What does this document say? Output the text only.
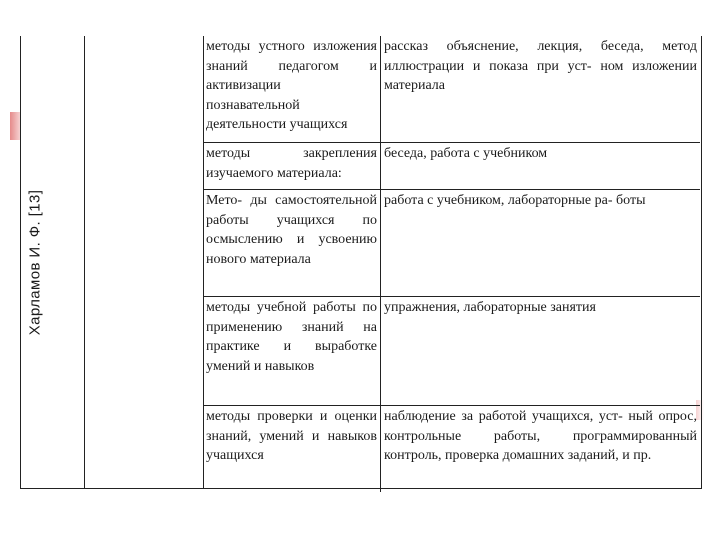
Харламов И. Ф. [13]
методы устного изложения знаний педагогом и активизации познавательной деятельности учащихся
рассказ объяснение, лекция, беседа, метод иллюстрации и показа при уст- ном изложении материала
методы закрепления изучаемого материала:
беседа, работа с учебником
Мето- ды самостоятельной работы учащихся по осмыслению и усвоению нового материала
работа с учебником, лабораторные ра- боты
методы учебной работы по применению знаний на практике и выработке умений и навыков
упражнения, лабораторные занятия
методы проверки и оценки знаний, умений и навыков учащихся
наблюдение за работой учащихся, уст- ный опрос, контрольные работы, программированный контроль, проверка домашних заданий, и пр.
